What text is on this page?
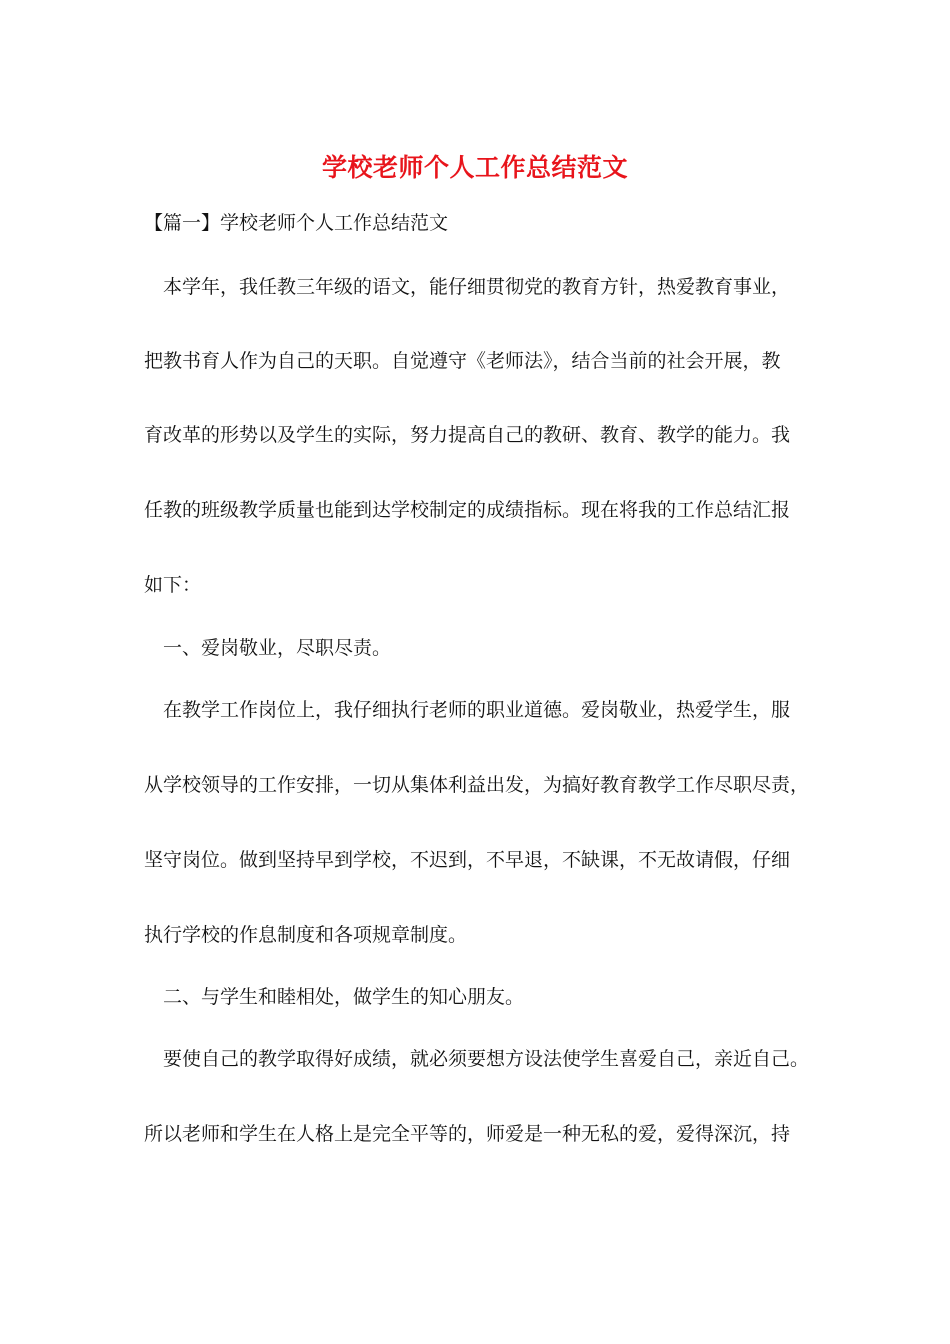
学校老师个人工作总结范文

【篇一】学校老师个人工作总结范文

本学年，我任教三年级的语文，能仔细贯彻党的教育方针，热爱教育事业，

把教书育人作为自己的天职。自觉遵守《老师法》，结合当前的社会开展，教

育改革的形势以及学生的实际，努力提高自己的教研、教育、教学的能力。我

任教的班级教学质量也能到达学校制定的成绩指标。现在将我的工作总结汇报

如下：

一、爱岗敬业，尽职尽责。

在教学工作岗位上，我仔细执行老师的职业道德。爱岗敬业，热爱学生，服

从学校领导的工作安排，一切从集体利益出发，为搞好教育教学工作尽职尽责，

坚守岗位。做到坚持早到学校，不迟到，不早退，不缺课，不无故请假，仔细

执行学校的作息制度和各项规章制度。

二、与学生和睦相处，做学生的知心朋友。

要使自己的教学取得好成绩，就必须要想方设法使学生喜爱自己，亲近自己。

所以老师和学生在人格上是完全平等的，师爱是一种无私的爱，爱得深沉，持
